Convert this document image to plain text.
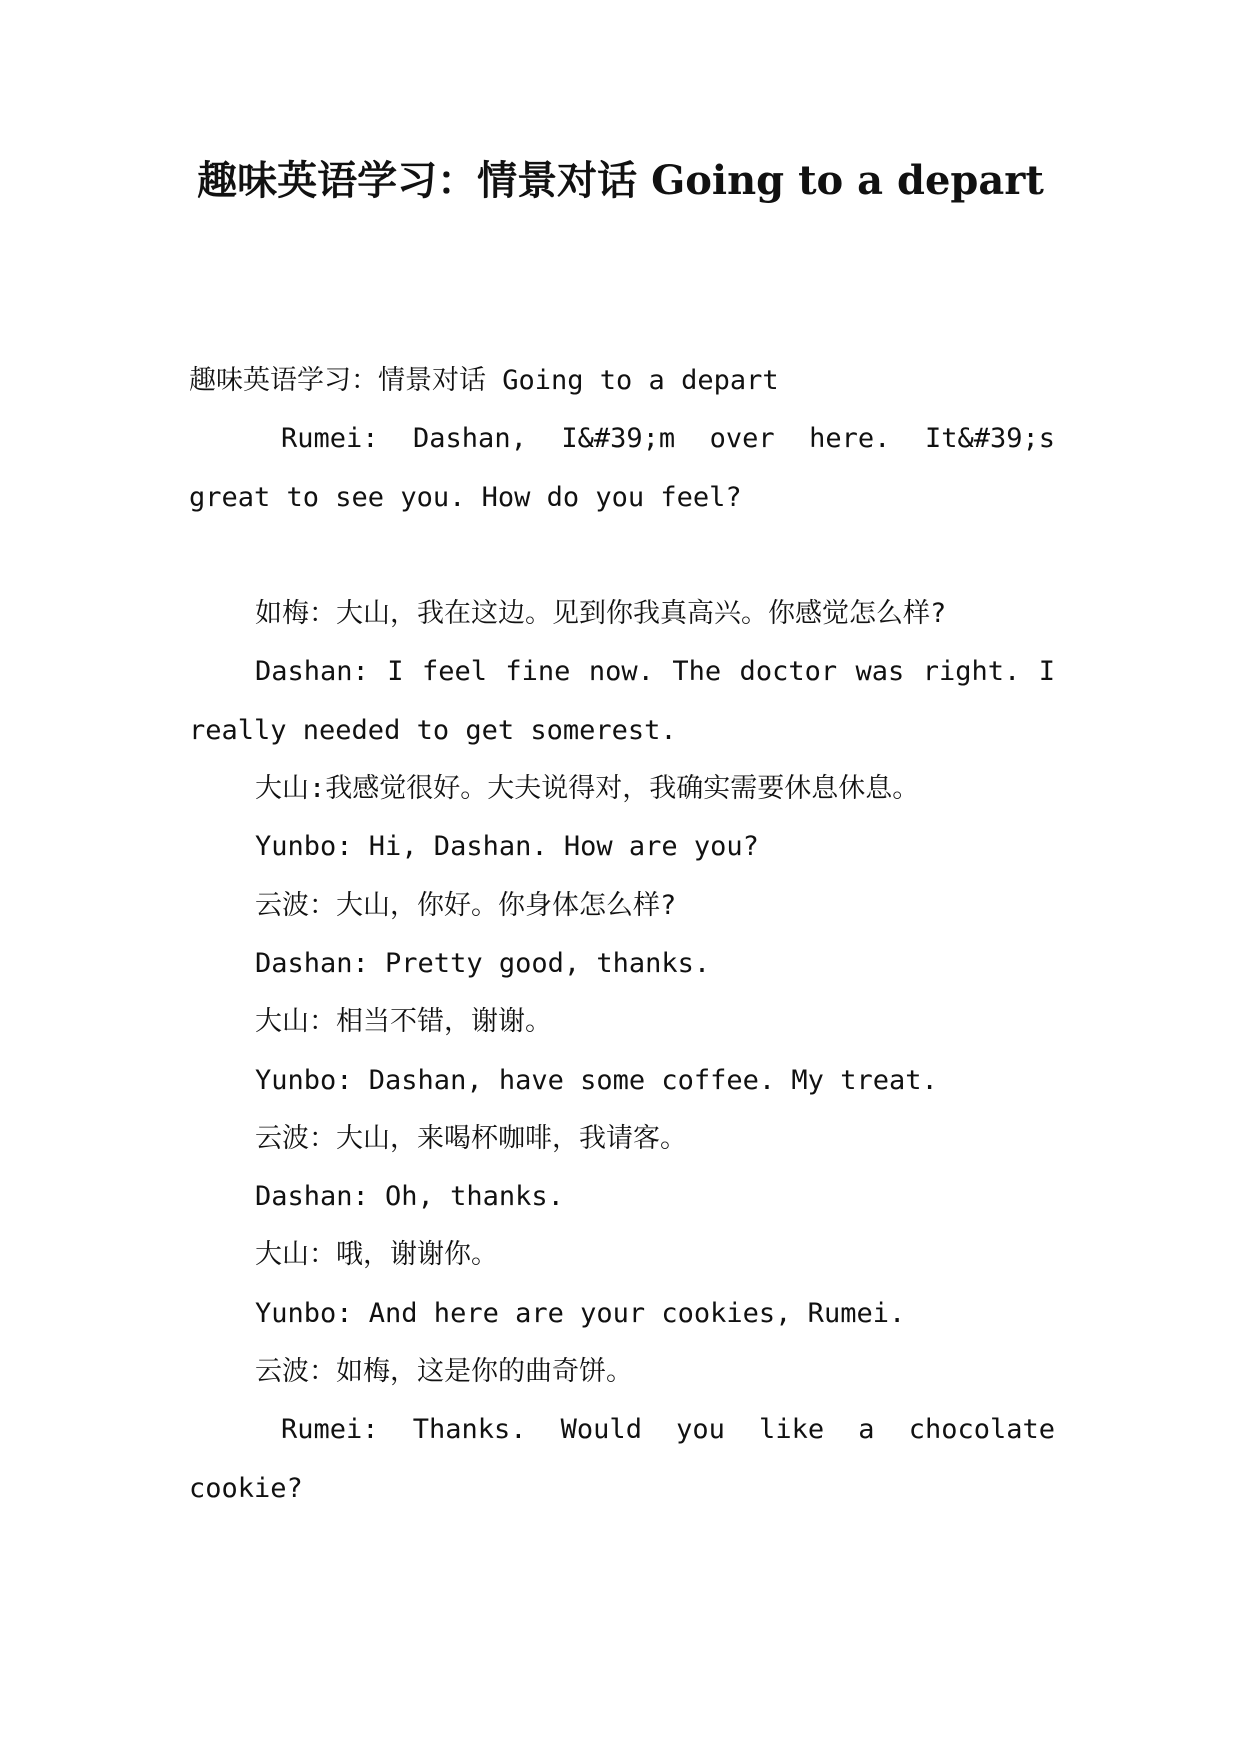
趣味英语学习：情景对话 Going to a depart

趣味英语学习：情景对话 Going to a depart

Rumei: Dashan, I&#39;m over here. It&#39;s great to see you. How do you feel?

如梅：大山，我在这边。见到你我真高兴。你感觉怎么样?

Dashan: I feel fine now. The doctor was right. I really needed to get somerest.

大山:我感觉很好。大夫说得对，我确实需要休息休息。

Yunbo: Hi, Dashan. How are you?

云波：大山，你好。你身体怎么样?

Dashan: Pretty good, thanks.

大山：相当不错，谢谢。

Yunbo: Dashan, have some coffee. My treat.

云波：大山，来喝杯咖啡，我请客。

Dashan: Oh, thanks.

大山：哦，谢谢你。

Yunbo: And here are your cookies, Rumei.

云波：如梅，这是你的曲奇饼。

Rumei: Thanks. Would you like a chocolate cookie?
